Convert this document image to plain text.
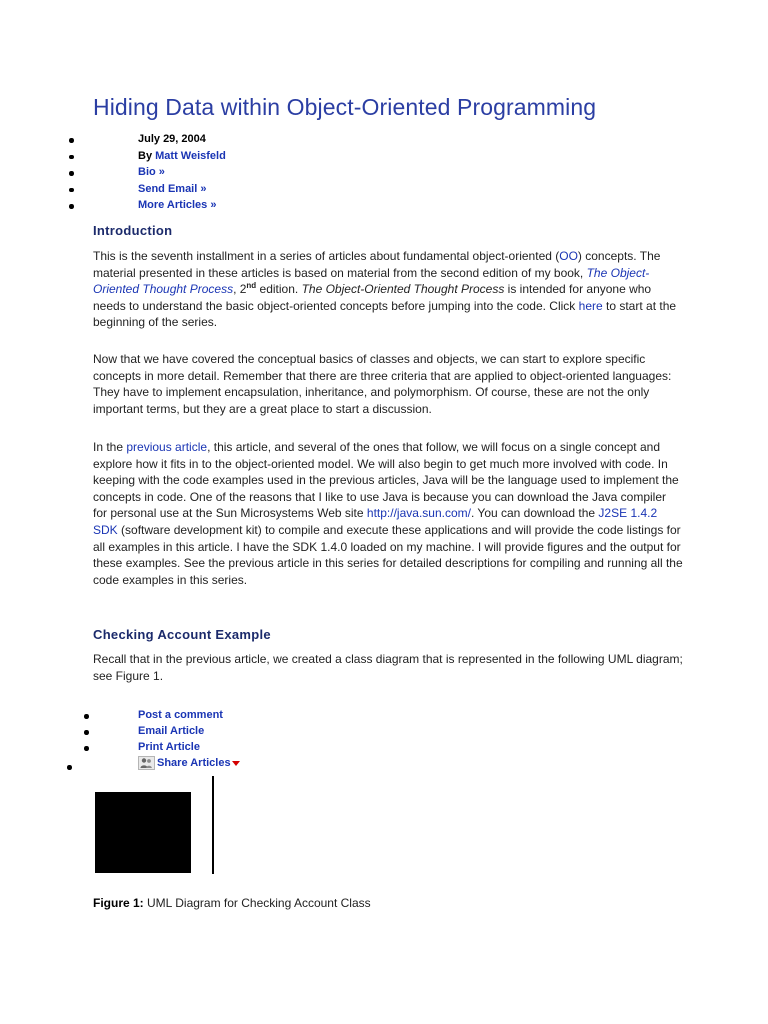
Hiding Data within Object-Oriented Programming
July 29, 2004
By Matt Weisfeld
Bio »
Send Email »
More Articles »
Introduction

This is the seventh installment in a series of articles about fundamental object-oriented (OO) concepts. The material presented in these articles is based on material from the second edition of my book, The Object-Oriented Thought Process, 2nd edition. The Object-Oriented Thought Process is intended for anyone who needs to understand the basic object-oriented concepts before jumping into the code. Click here to start at the beginning of the series.

Now that we have covered the conceptual basics of classes and objects, we can start to explore specific concepts in more detail. Remember that there are three criteria that are applied to object-oriented languages: They have to implement encapsulation, inheritance, and polymorphism. Of course, these are not the only important terms, but they are a great place to start a discussion.

In the previous article, this article, and several of the ones that follow, we will focus on a single concept and explore how it fits in to the object-oriented model. We will also begin to get much more involved with code. In keeping with the code examples used in the previous articles, Java will be the language used to implement the concepts in code. One of the reasons that I like to use Java is because you can download the Java compiler for personal use at the Sun Microsystems Web site http://java.sun.com/. You can download the J2SE 1.4.2 SDK (software development kit) to compile and execute these applications and will provide the code listings for all examples in this article. I have the SDK 1.4.0 loaded on my machine. I will provide figures and the output for these examples. See the previous article in this series for detailed descriptions for compiling and running all the code examples in this series.

Checking Account Example

Recall that in the previous article, we created a class diagram that is represented in the following UML diagram; see Figure 1.

Post a comment
Email Article
Print Article
Share Articles

Figure 1: UML Diagram for Checking Account Class
